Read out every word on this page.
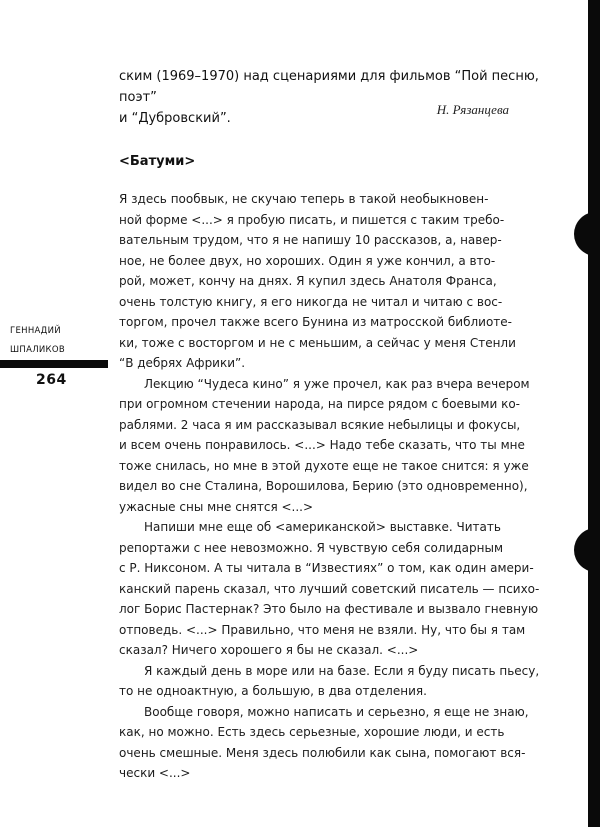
ским (1969–1970) над сценариями для фильмов “Пой песню, поэт”

и “Дубровский”.

Н. Рязанцева
<Батуми>
Я здесь пообвык, не скучаю теперь в такой необыкновен-
ной форме <...> я пробую писать, и пишется с таким требо-
вательным трудом, что я не напишу 10 рассказов, а, навер-
ное, не более двух, но хороших. Один я уже кончил, а вто-
рой, может, кончу на днях. Я купил здесь Анатоля Франса,
очень толстую книгу, я его никогда не читал и читаю с вос-
торгом, прочел также всего Бунина из матросской библиоте-
ки, тоже с восторгом и не с меньшим, а сейчас у меня Стенли
“В дебрях Африки”.
Лекцию “Чудеса кино” я уже прочел, как раз вчера вечером
при огромном стечении народа, на пирсе рядом с боевыми ко-
раблями. 2 часа я им рассказывал всякие небылицы и фокусы,
и всем очень понравилось. <...> Надо тебе сказать, что ты мне
тоже снилась, но мне в этой духоте еще не такое снится: я уже
видел во сне Сталина, Ворошилова, Берию (это одновременно),
ужасные сны мне снятся <...>
Напиши мне еще об <американской> выставке. Читать
репортажи с нее невозможно. Я чувствую себя солидарным
с Р. Никсоном. А ты читала в “Известиях” о том, как один амери-
канский парень сказал, что лучший советский писатель — психо-
лог Борис Пастернак? Это было на фестивале и вызвало гневную
отповедь. <...> Правильно, что меня не взяли. Ну, что бы я там
сказал? Ничего хорошего я бы не сказал. <...>
Я каждый день в море или на базе. Если я буду писать пьесу,
то не одноактную, а большую, в два отделения.
Вообще говоря, можно написать и серьезно, я еще не знаю,
как, но можно. Есть здесь серьезные, хорошие люди, и есть
очень смешные. Меня здесь полюбили как сына, помогают вся-
чески <...>
ГЕННАДИЙ
ШПАЛИКОВ
264
